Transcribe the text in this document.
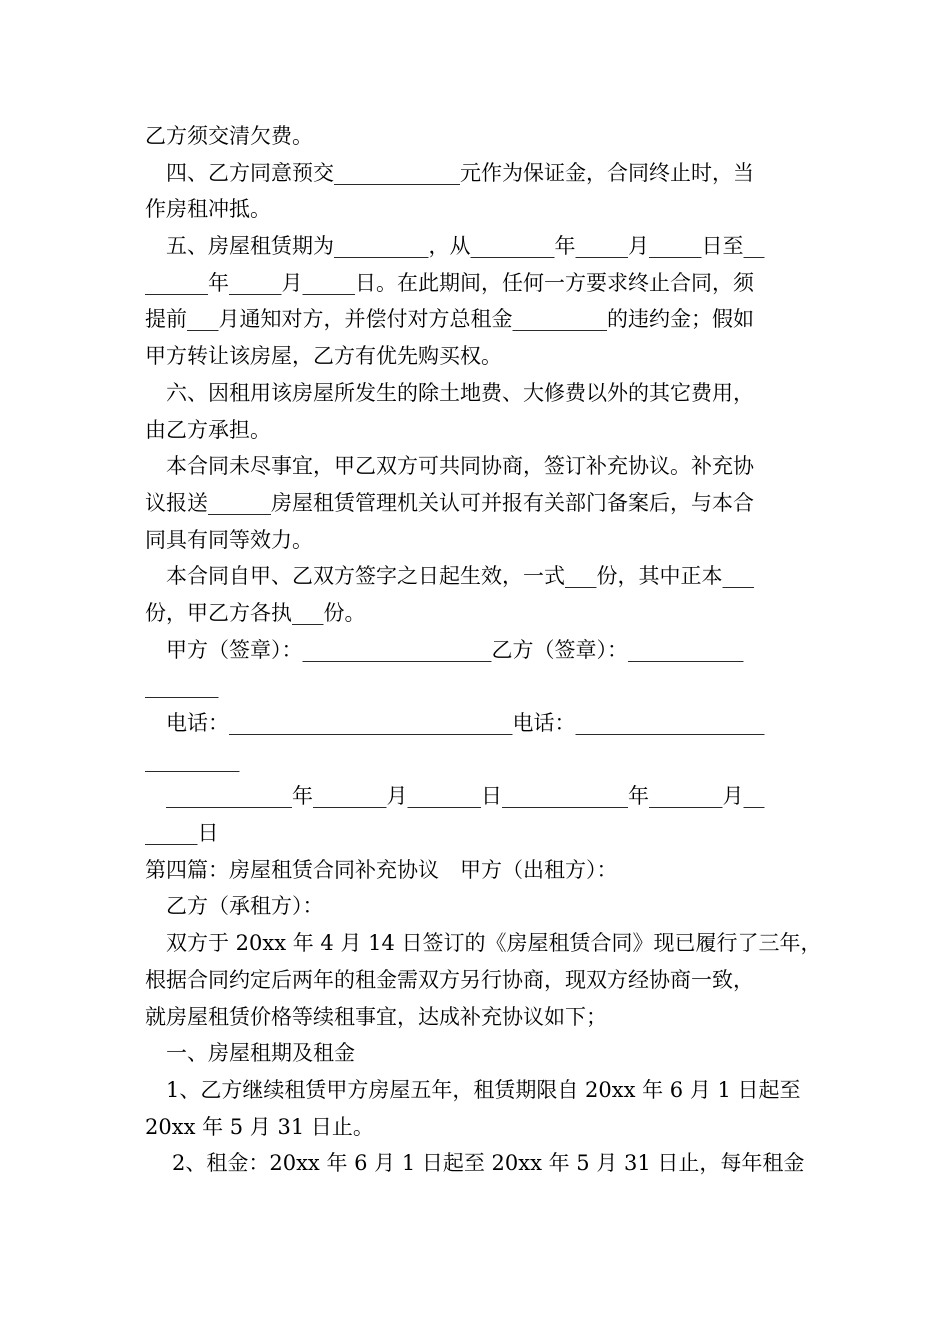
乙方须交清欠费。
四、乙方同意预交____________元作为保证金，合同终止时，当
作房租冲抵。
五、房屋租赁期为_________，从________年_____月_____日至__
______年_____月_____日。在此期间，任何一方要求终止合同，须
提前___月通知对方，并偿付对方总租金_________的违约金；假如
甲方转让该房屋，乙方有优先购买权。
六、因租用该房屋所发生的除土地费、大修费以外的其它费用，
由乙方承担。
本合同未尽事宜，甲乙双方可共同协商，签订补充协议。补充协
议报送______房屋租赁管理机关认可并报有关部门备案后，与本合
同具有同等效力。
本合同自甲、乙双方签字之日起生效，一式___份，其中正本___
份，甲乙方各执___份。
甲方（签章）：__________________乙方（签章）：___________
_______
电话：___________________________电话：__________________
_________
____________年_______月_______日____________年_______月__
_____日
第四篇：房屋租赁合同补充协议　甲方（出租方）：
乙方（承租方）：
双方于 20xx 年 4 月 14 日签订的《房屋租赁合同》现已履行了三年，
根据合同约定后两年的租金需双方另行协商，现双方经协商一致，
就房屋租赁价格等续租事宜，达成补充协议如下；
一、房屋租期及租金
1、乙方继续租赁甲方房屋五年，租赁期限自 20xx 年 6 月 1 日起至
20xx 年 5 月 31 日止。
2、租金：20xx 年 6 月 1 日起至 20xx 年 5 月 31 日止，每年租金
